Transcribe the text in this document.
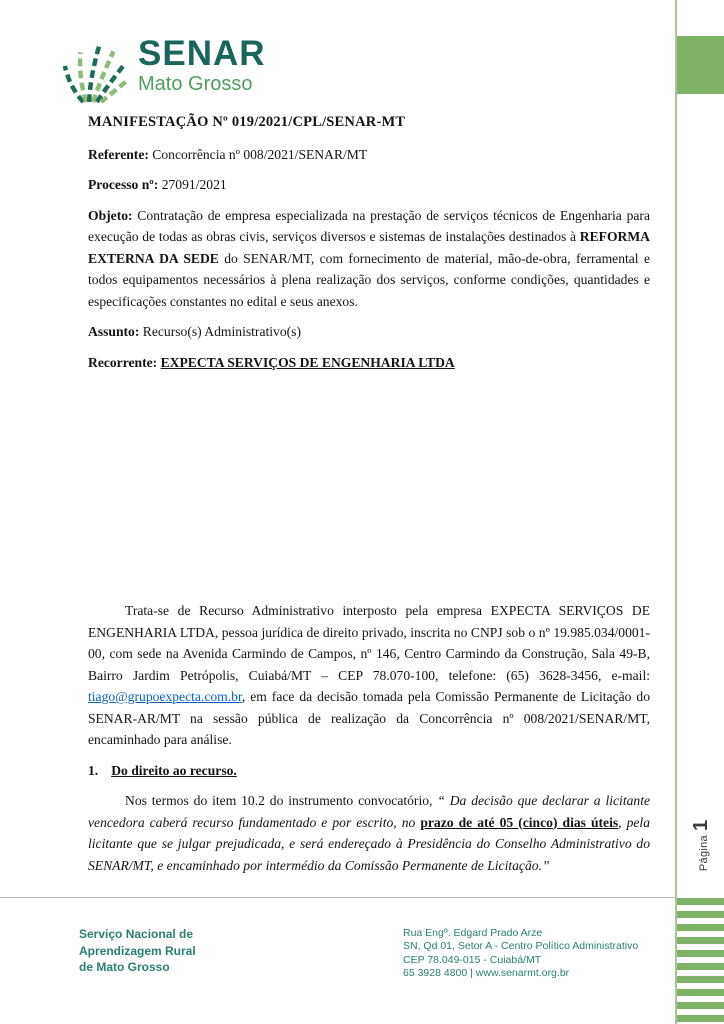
SENAR
Mato Grosso

MANIFESTAÇÃO Nº 019/2021/CPL/SENAR-MT

Referente: Concorrência nº 008/2021/SENAR/MT

Processo nº: 27091/2021

Objeto: Contratação de empresa especializada na prestação de serviços técnicos de Engenharia para execução de todas as obras civis, serviços diversos e sistemas de instalações destinados à REFORMA EXTERNA DA SEDE do SENAR/MT, com fornecimento de material, mão-de-obra, ferramental e todos equipamentos necessários à plena realização dos serviços, conforme condições, quantidades e especificações constantes no edital e seus anexos.

Assunto: Recurso(s) Administrativo(s)

Recorrente: EXPECTA SERVIÇOS DE ENGENHARIA LTDA

Trata-se de Recurso Administrativo interposto pela empresa EXPECTA SERVIÇOS DE ENGENHARIA LTDA, pessoa jurídica de direito privado, inscrita no CNPJ sob o nº 19.985.034/0001-00, com sede na Avenida Carmindo de Campos, nº 146, Centro Carmindo da Construção, Sala 49-B, Bairro Jardim Petrópolis, Cuiabá/MT – CEP 78.070-100, telefone: (65) 3628-3456, e-mail: tiago@grupoexpecta.com.br, em face da decisão tomada pela Comissão Permanente de Licitação do SENAR-AR/MT na sessão pública de realização da Concorrência nº 008/2021/SENAR/MT, encaminhado para análise.

1. Do direito ao recurso.

Nos termos do item 10.2 do instrumento convocatório, “ Da decisão que declarar a licitante vencedora caberá recurso fundamentado e por escrito, no prazo de até 05 (cinco) dias úteis, pela licitante que se julgar prejudicada, e será endereçado à Presidência do Conselho Administrativo do SENAR/MT, e encaminhado por intermédio da Comissão Permanente de Licitação.”	Página
1
Serviço Nacional de
Aprendizagem Rural
de Mato Grosso
Rua Engº. Edgard Prado Arze
SN, Qd 01, Setor A - Centro Político Administrativo
CEP 78.049-015 - Cuiabá/MT
65 3928 4800 | www.senarmt.org.br
